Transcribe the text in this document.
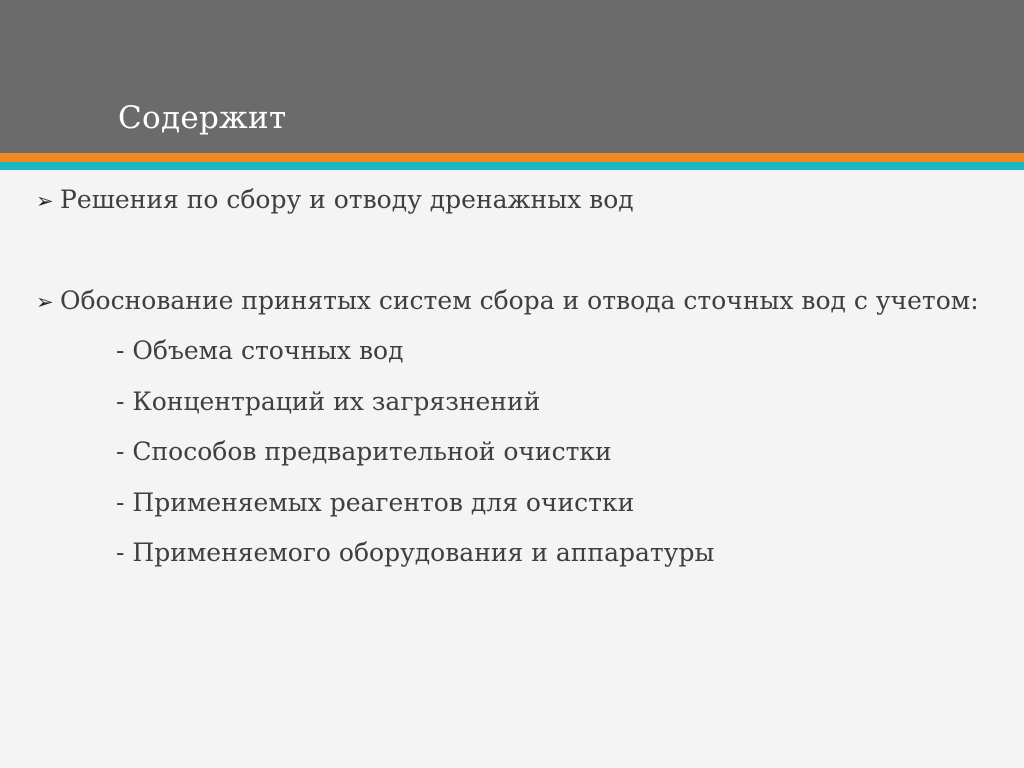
Содержит
➢ Решения по сбору и отводу дренажных вод
➢ Обоснование принятых систем сбора и отвода сточных вод с учетом:
- Объема сточных вод
- Концентраций их загрязнений
- Способов предварительной очистки
- Применяемых реагентов для очистки
- Применяемого оборудования и аппаратуры
